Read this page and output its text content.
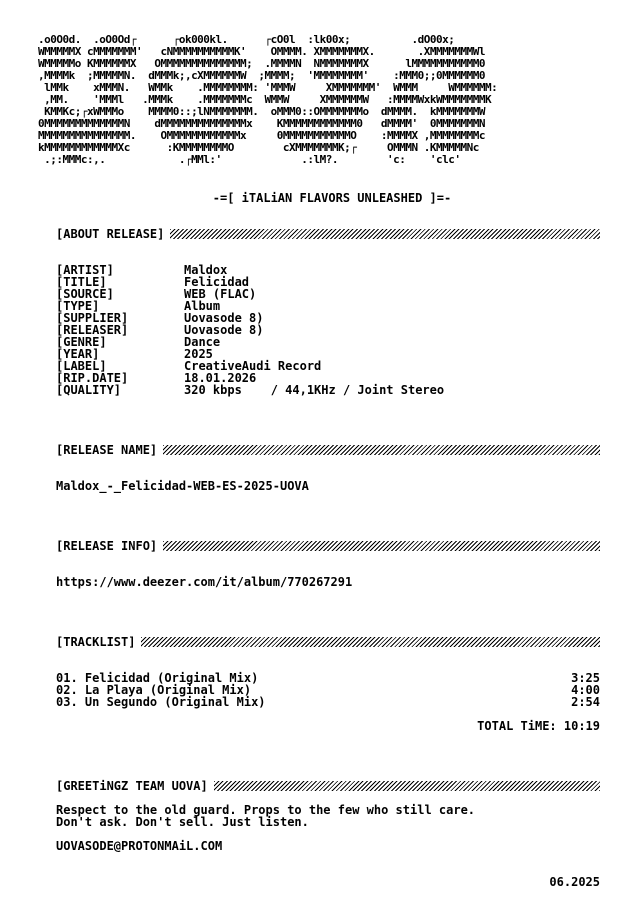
.o0O0d.  .oO0Od┌      ┌ok000kl.      ┌cO0l  :lk00x;          .dO00x;
WMMMMMX cMMMMMMM'   cNMMMMMMMMMMK'    OMMMM. XMMMMMMMX.       .XMMMMMMMWl
WMMMMMo KMMMMMMX   OMMMMMMMMMMMMMM;  .MMMMN  NMMMMMMMX      lMMMMMMMMMMM0
,MMMMk  ;MMMMMN.  dMMMk;,cXMMMMMMW  ;MMMM;  'MMMMMMMM'    :MMM0;;0MMMMMM0
lMMk    xMMMN.   WMMk    .MMMMMMMM: 'MMMW     XMMMMMMM'  WMMM     WMMMMMM:
,MM.    'MMMl   .MMMk    .MMMMMMMc  WMMW     XMMMMMMW   :MMMMWxkWMMMMMMMK
KMMKc;┌xWMMMo    MMMM0::;lNMMMMMMM.  oMMM0::OMMMMMMMo  dMMMM.  kMMMMMMMW
0MMMMMMMMMMMMMN    dMMMMMMMMMMMMMMx    KMMMMMMMMMMMM0   dMMMM'  0MMMMMMMN
MMMMMMMMMMMMMMM.    OMMMMMMMMMMMMx     0MMMMMMMMMMMO    :MMMMX ,MMMMMMMMc
kMMMMMMMMMMMMXc      :KMMMMMMMMO        cXMMMMMMMK;┌     OMMMN .KMMMMMNc
.;:MMMc:,.            .┌MMl:'             .:lM?.        'c:    'clc'
-=[ iTALiAN FLAVORS UNLEASHED ]=-
[ABOUT RELEASE]
[ARTIST]	Maldox
[TITLE]	Felicidad
[SOURCE]	WEB (FLAC)
[TYPE]	Album
[SUPPLIER]	Uovasode 8)
[RELEASER]	Uovasode 8)
[GENRE]	Dance
[YEAR]	2025
[LABEL]	CreativeAudi Record
[RIP.DATE]	18.01.2026
[QUALITY]	320 kbps    / 44,1KHz / Joint Stereo
[RELEASE NAME]
Maldox_-_Felicidad-WEB-ES-2025-UOVA
[RELEASE INFO]
https://www.deezer.com/it/album/770267291
[TRACKLIST]
01. Felicidad (Original Mix)	3:25
02. La Playa (Original Mix)	4:00
03. Un Segundo (Original Mix)	2:54
TOTAL TiME: 10:19
[GREETiNGZ TEAM UOVA]
Respect to the old guard. Props to the few who still care.
Don't ask. Don't sell. Just listen.
UOVASODE@PROTONMAiL.COM
06.2025
